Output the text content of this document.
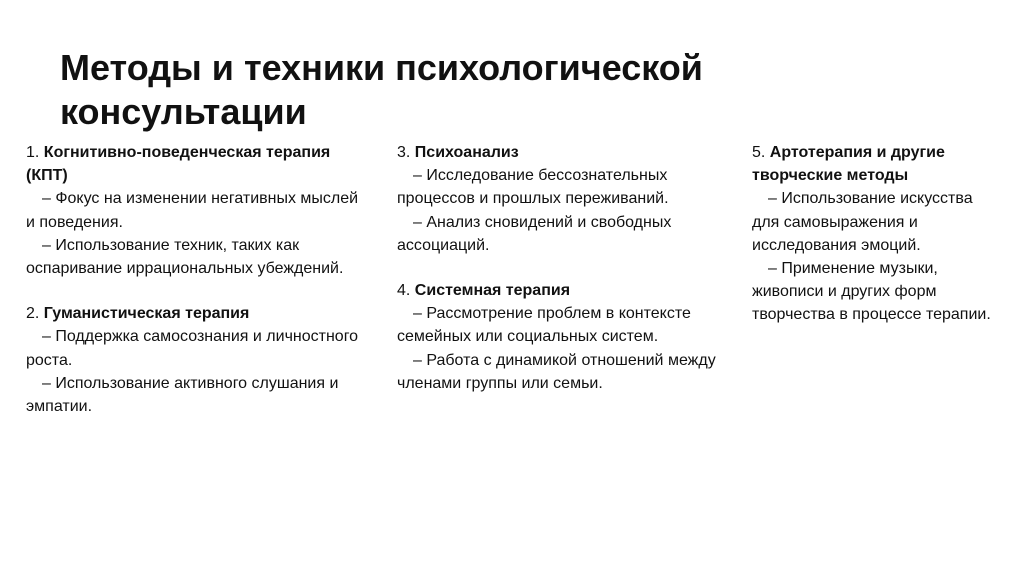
Методы и техники психологической консультации
1. Когнитивно-поведенческая терапия (КПТ)
– Фокус на изменении негативных мыслей и поведения.
– Использование техник, таких как оспаривание иррациональных убеждений.
2. Гуманистическая терапия
– Поддержка самосознания и личностного роста.
– Использование активного слушания и эмпатии.
3. Психоанализ
– Исследование бессознательных процессов и прошлых переживаний.
– Анализ сновидений и свободных ассоциаций.
4. Системная терапия
– Рассмотрение проблем в контексте семейных или социальных систем.
– Работа с динамикой отношений между членами группы или семьи.
5. Артотерапия и другие творческие методы
– Использование искусства для самовыражения и исследования эмоций.
– Применение музыки, живописи и других форм творчества в процессе терапии.
